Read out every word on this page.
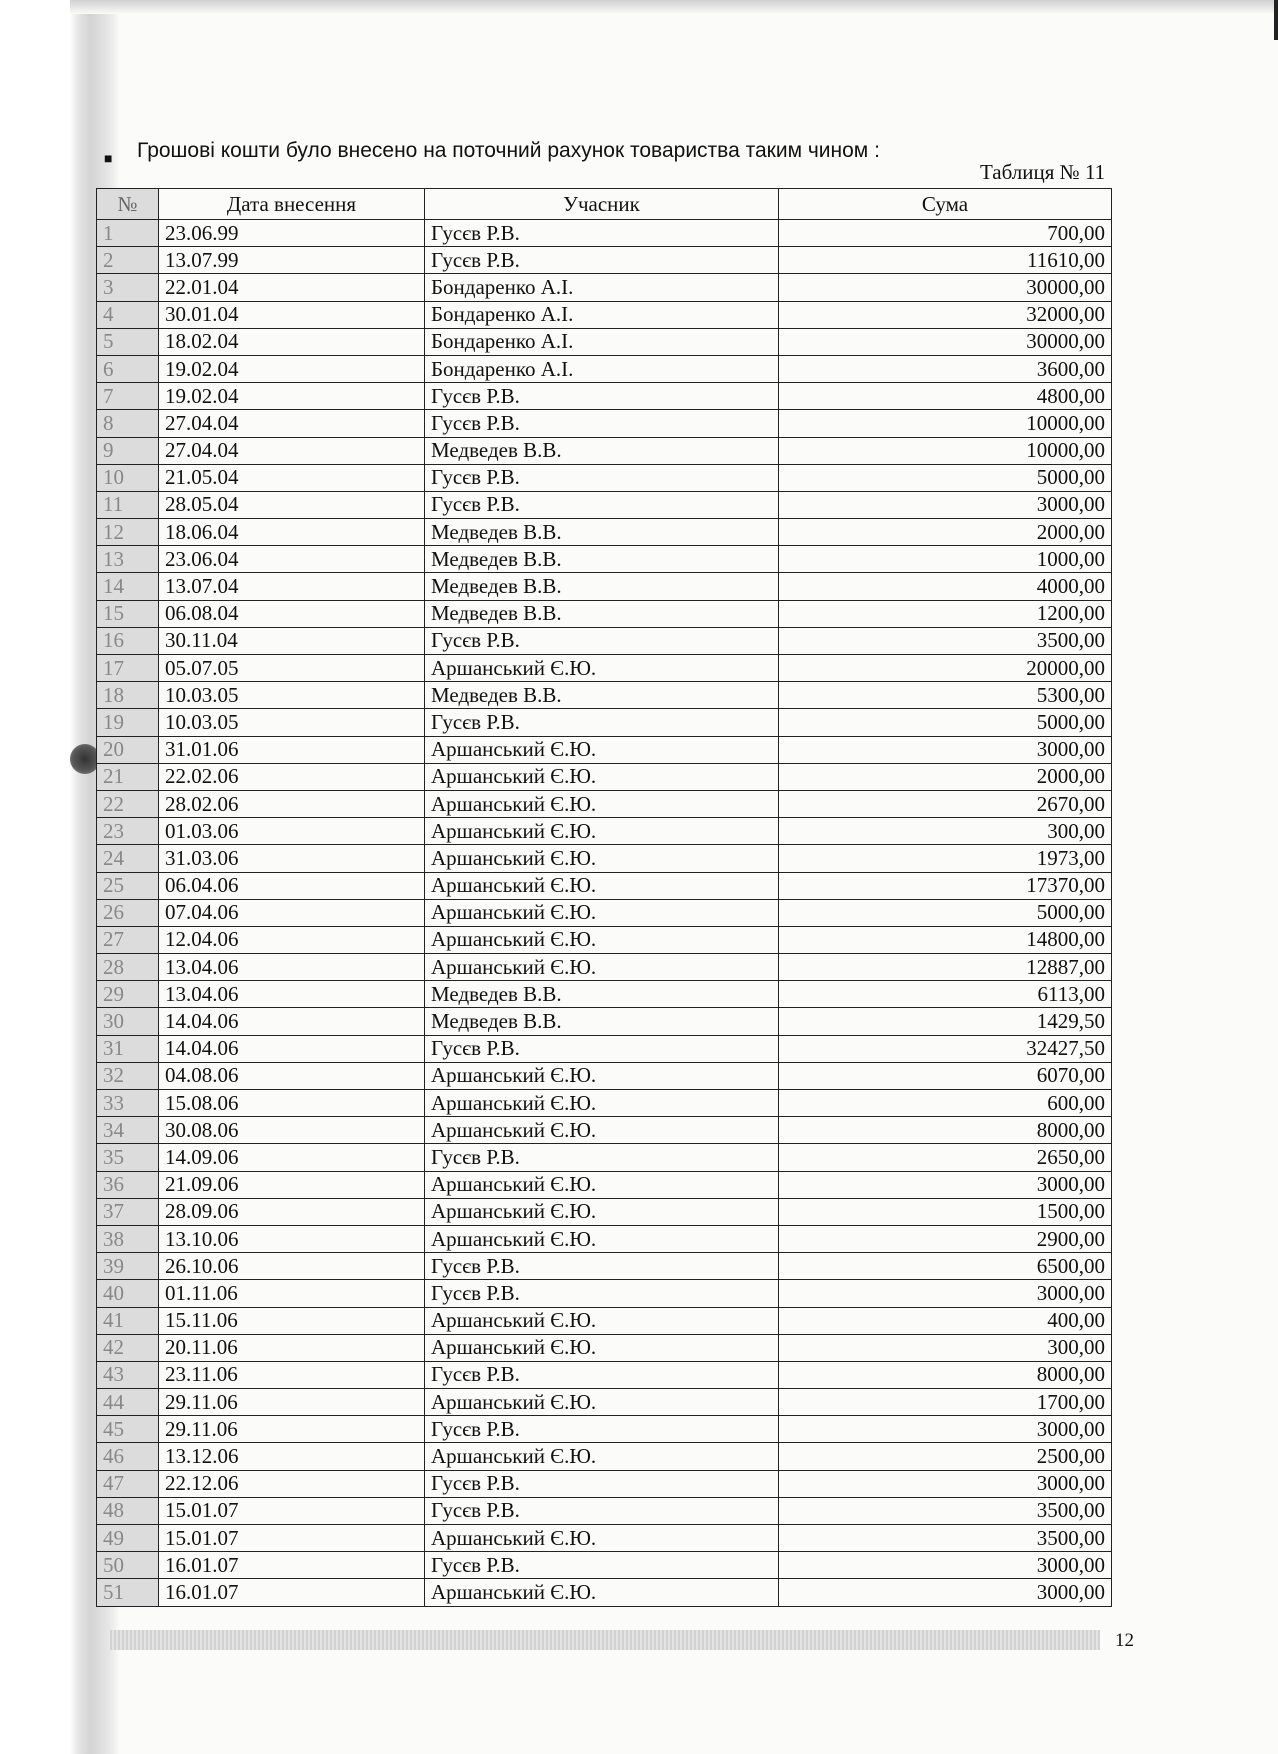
■ Грошові кошти було внесено на поточний рахунок товариства таким чином :
Таблиця № 11
№	Дата внесення	Учасник	Сума
1	23.06.99	Гусєв Р.В.	700,00
2	13.07.99	Гусєв Р.В.	11610,00
3	22.01.04	Бондаренко А.І.	30000,00
4	30.01.04	Бондаренко А.І.	32000,00
5	18.02.04	Бондаренко А.І.	30000,00
6	19.02.04	Бондаренко А.І.	3600,00
7	19.02.04	Гусєв Р.В.	4800,00
8	27.04.04	Гусєв Р.В.	10000,00
9	27.04.04	Медведев В.В.	10000,00
10	21.05.04	Гусєв Р.В.	5000,00
11	28.05.04	Гусєв Р.В.	3000,00
12	18.06.04	Медведев В.В.	2000,00
13	23.06.04	Медведев В.В.	1000,00
14	13.07.04	Медведев В.В.	4000,00
15	06.08.04	Медведев В.В.	1200,00
16	30.11.04	Гусєв Р.В.	3500,00
17	05.07.05	Аршанський Є.Ю.	20000,00
18	10.03.05	Медведев В.В.	5300,00
19	10.03.05	Гусєв Р.В.	5000,00
20	31.01.06	Аршанський Є.Ю.	3000,00
21	22.02.06	Аршанський Є.Ю.	2000,00
22	28.02.06	Аршанський Є.Ю.	2670,00
23	01.03.06	Аршанський Є.Ю.	300,00
24	31.03.06	Аршанський Є.Ю.	1973,00
25	06.04.06	Аршанський Є.Ю.	17370,00
26	07.04.06	Аршанський Є.Ю.	5000,00
27	12.04.06	Аршанський Є.Ю.	14800,00
28	13.04.06	Аршанський Є.Ю.	12887,00
29	13.04.06	Медведев В.В.	6113,00
30	14.04.06	Медведев В.В.	1429,50
31	14.04.06	Гусєв Р.В.	32427,50
32	04.08.06	Аршанський Є.Ю.	6070,00
33	15.08.06	Аршанський Є.Ю.	600,00
34	30.08.06	Аршанський Є.Ю.	8000,00
35	14.09.06	Гусєв Р.В.	2650,00
36	21.09.06	Аршанський Є.Ю.	3000,00
37	28.09.06	Аршанський Є.Ю.	1500,00
38	13.10.06	Аршанський Є.Ю.	2900,00
39	26.10.06	Гусєв Р.В.	6500,00
40	01.11.06	Гусєв Р.В.	3000,00
41	15.11.06	Аршанський Є.Ю.	400,00
42	20.11.06	Аршанський Є.Ю.	300,00
43	23.11.06	Гусєв Р.В.	8000,00
44	29.11.06	Аршанський Є.Ю.	1700,00
45	29.11.06	Гусєв Р.В.	3000,00
46	13.12.06	Аршанський Є.Ю.	2500,00
47	22.12.06	Гусєв Р.В.	3000,00
48	15.01.07	Гусєв Р.В.	3500,00
49	15.01.07	Аршанський Є.Ю.	3500,00
50	16.01.07	Гусєв Р.В.	3000,00
51	16.01.07	Аршанський Є.Ю.	3000,00
12
